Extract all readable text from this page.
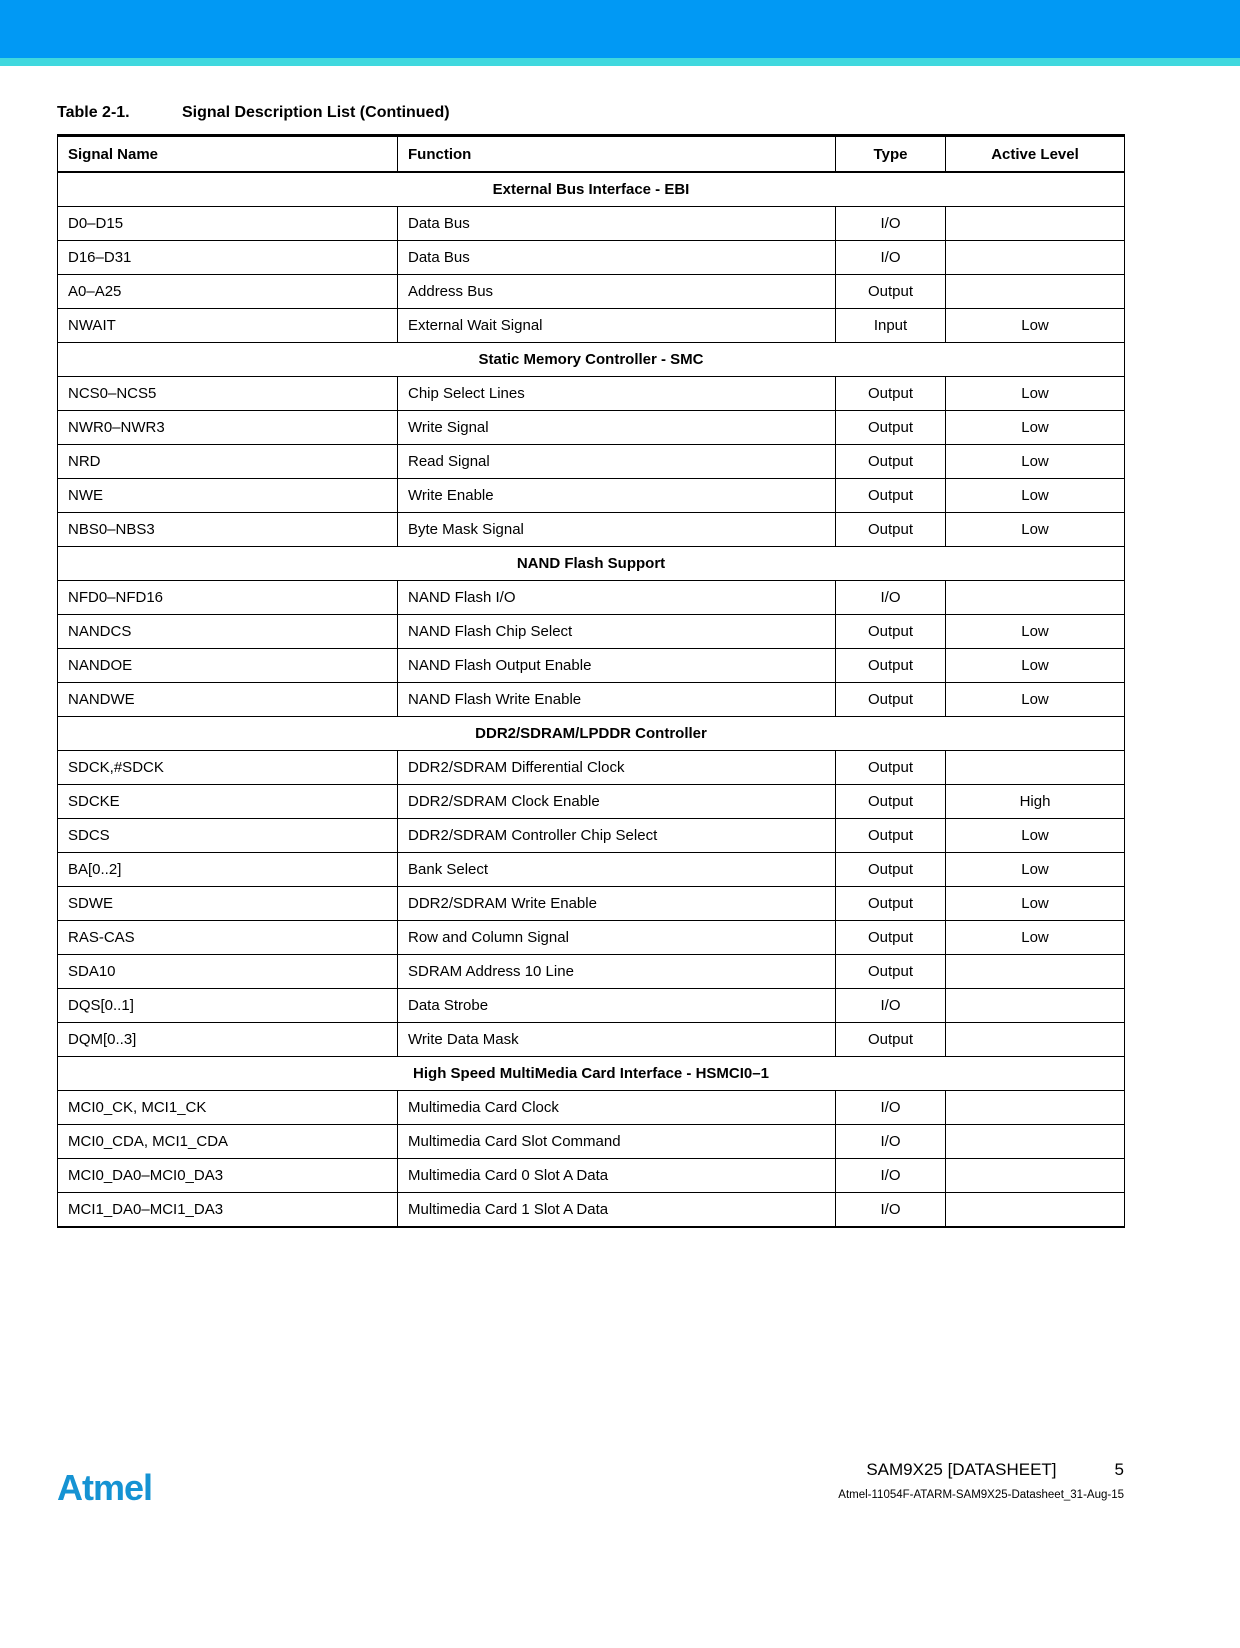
Table 2-1.	Signal Description List (Continued)
Signal Name	Function	Type	Active Level
External Bus Interface - EBI			
D0–D15	Data Bus	I/O	
D16–D31	Data Bus	I/O	
A0–A25	Address Bus	Output	
NWAIT	External Wait Signal	Input	Low
Static Memory Controller - SMC			
NCS0–NCS5	Chip Select Lines	Output	Low
NWR0–NWR3	Write Signal	Output	Low
NRD	Read Signal	Output	Low
NWE	Write Enable	Output	Low
NBS0–NBS3	Byte Mask Signal	Output	Low
NAND Flash Support			
NFD0–NFD16	NAND Flash I/O	I/O	
NANDCS	NAND Flash Chip Select	Output	Low
NANDOE	NAND Flash Output Enable	Output	Low
NANDWE	NAND Flash Write Enable	Output	Low
DDR2/SDRAM/LPDDR Controller			
SDCK,#SDCK	DDR2/SDRAM Differential Clock	Output	
SDCKE	DDR2/SDRAM Clock Enable	Output	High
SDCS	DDR2/SDRAM Controller Chip Select	Output	Low
BA[0..2]	Bank Select	Output	Low
SDWE	DDR2/SDRAM Write Enable	Output	Low
RAS-CAS	Row and Column Signal	Output	Low
SDA10	SDRAM Address 10 Line	Output	
DQS[0..1]	Data Strobe	I/O	
DQM[0..3]	Write Data Mask	Output	
High Speed MultiMedia Card Interface - HSMCI0–1			
MCI0_CK, MCI1_CK	Multimedia Card Clock	I/O	
MCI0_CDA, MCI1_CDA	Multimedia Card Slot Command	I/O	
MCI0_DA0–MCI0_DA3	Multimedia Card 0 Slot A Data	I/O	
MCI1_DA0–MCI1_DA3	Multimedia Card 1 Slot A Data	I/O	
Atmel	SAM9X25 [DATASHEET]	5
Atmel-11054F-ATARM-SAM9X25-Datasheet_31-Aug-15
